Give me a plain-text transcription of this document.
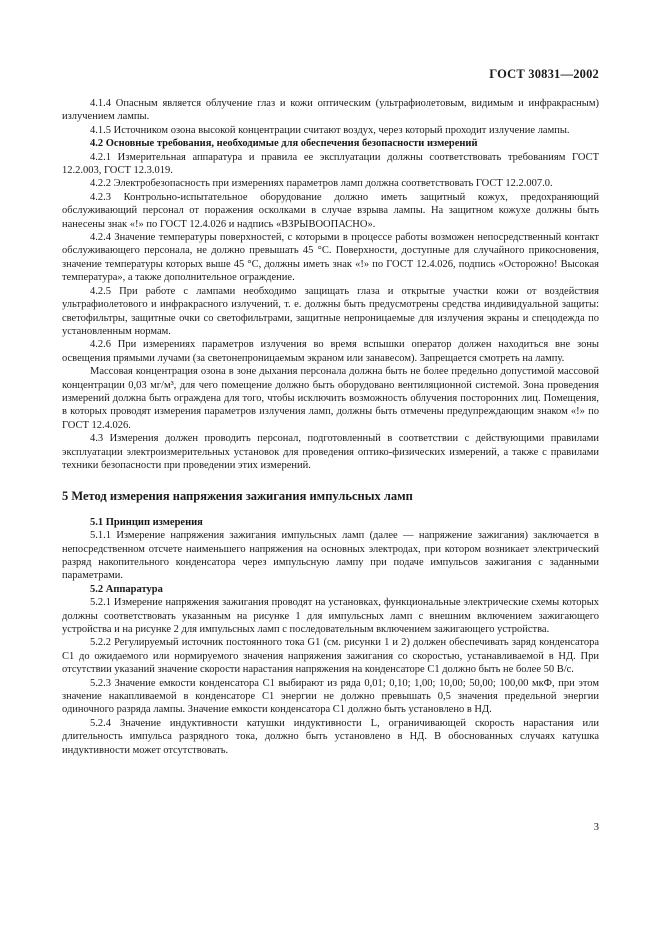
ГОСТ 30831—2002

4.1.4 Опасным является облучение глаз и кожи оптическим (ультрафиолетовым, видимым и инфракрасным) излучением лампы.

4.1.5 Источником озона высокой концентрации считают воздух, через который проходит излучение лампы.

4.2 Основные требования, необходимые для обеспечения безопасности измерений

4.2.1 Измерительная аппаратура и правила ее эксплуатации должны соответствовать требованиям ГОСТ 12.2.003, ГОСТ 12.3.019.

4.2.2 Электробезопасность при измерениях параметров ламп должна соответствовать ГОСТ 12.2.007.0.

4.2.3 Контрольно-испытательное оборудование должно иметь защитный кожух, предохраняющий обслуживающий персонал от поражения осколками в случае взрыва лампы. На защитном кожухе должны быть нанесены знак «!» по ГОСТ 12.4.026 и надпись «ВЗРЫВООПАСНО».

4.2.4 Значение температуры поверхностей, с которыми в процессе работы возможен непосредственный контакт обслуживающего персонала, не должно превышать 45 °С. Поверхности, доступные для случайного прикосновения, значение температуры которых выше 45 °С, должны иметь знак «!» по ГОСТ 12.4.026, подпись «Осторожно! Высокая температура», а также дополнительное ограждение.

4.2.5 При работе с лампами необходимо защищать глаза и открытые участки кожи от воздействия ультрафиолетового и инфракрасного излучений, т. е. должны быть предусмотрены средства индивидуальной защиты: светофильтры, защитные очки со светофильтрами, защитные непроницаемые для излучения экраны и спецодежда по установленным нормам.

4.2.6 При измерениях параметров излучения во время вспышки оператор должен находиться вне зоны освещения прямыми лучами (за светонепроницаемым экраном или занавесом). Запрещается смотреть на лампу.

Массовая концентрация озона в зоне дыхания персонала должна быть не более предельно допустимой массовой концентрации 0,03 мг/м³, для чего помещение должно быть оборудовано вентиляционной системой. Зона проведения измерений должна быть ограждена для того, чтобы исключить возможность облучения посторонних лиц. Помещения, в которых проводят измерения параметров излучения ламп, должны быть отмечены предупреждающим знаком «!» по ГОСТ 12.4.026.

4.3 Измерения должен проводить персонал, подготовленный в соответствии с действующими правилами эксплуатации электроизмерительных установок для проведения оптико-физических измерений, а также с правилами техники безопасности при проведении этих измерений.

5 Метод измерения напряжения зажигания импульсных ламп

5.1 Принцип измерения

5.1.1 Измерение напряжения зажигания импульсных ламп (далее — напряжение зажигания) заключается в непосредственном отсчете наименьшего напряжения на основных электродах, при котором возникает электрический разряд накопительного конденсатора через импульсную лампу при подаче импульсов зажигания с заданными параметрами.

5.2 Аппаратура

5.2.1 Измерение напряжения зажигания проводят на установках, функциональные электрические схемы которых должны соответствовать указанным на рисунке 1 для импульсных ламп с внешним включением зажигающего устройства и на рисунке 2 для импульсных ламп с последовательным включением зажигающего устройства.

5.2.2 Регулируемый источник постоянного тока G1 (см. рисунки 1 и 2) должен обеспечивать заряд конденсатора C1 до ожидаемого или нормируемого значения напряжения зажигания со скоростью, устанавливаемой в НД. При отсутствии указаний значение скорости нарастания напряжения на конденсаторе C1 должно быть не более 50 В/с.

5.2.3 Значение емкости конденсатора C1 выбирают из ряда 0,01; 0,10; 1,00; 10,00; 50,00; 100,00 мкФ, при этом значение накапливаемой в конденсаторе C1 энергии не должно превышать 0,5 значения предельной энергии одиночного разряда лампы. Значение емкости конденсатора C1 должно быть установлено в НД.

5.2.4 Значение индуктивности катушки индуктивности L, ограничивающей скорость нарастания или длительность импульса разрядного тока, должно быть установлено в НД. В обоснованных случаях катушка индуктивности может отсутствовать.

3
